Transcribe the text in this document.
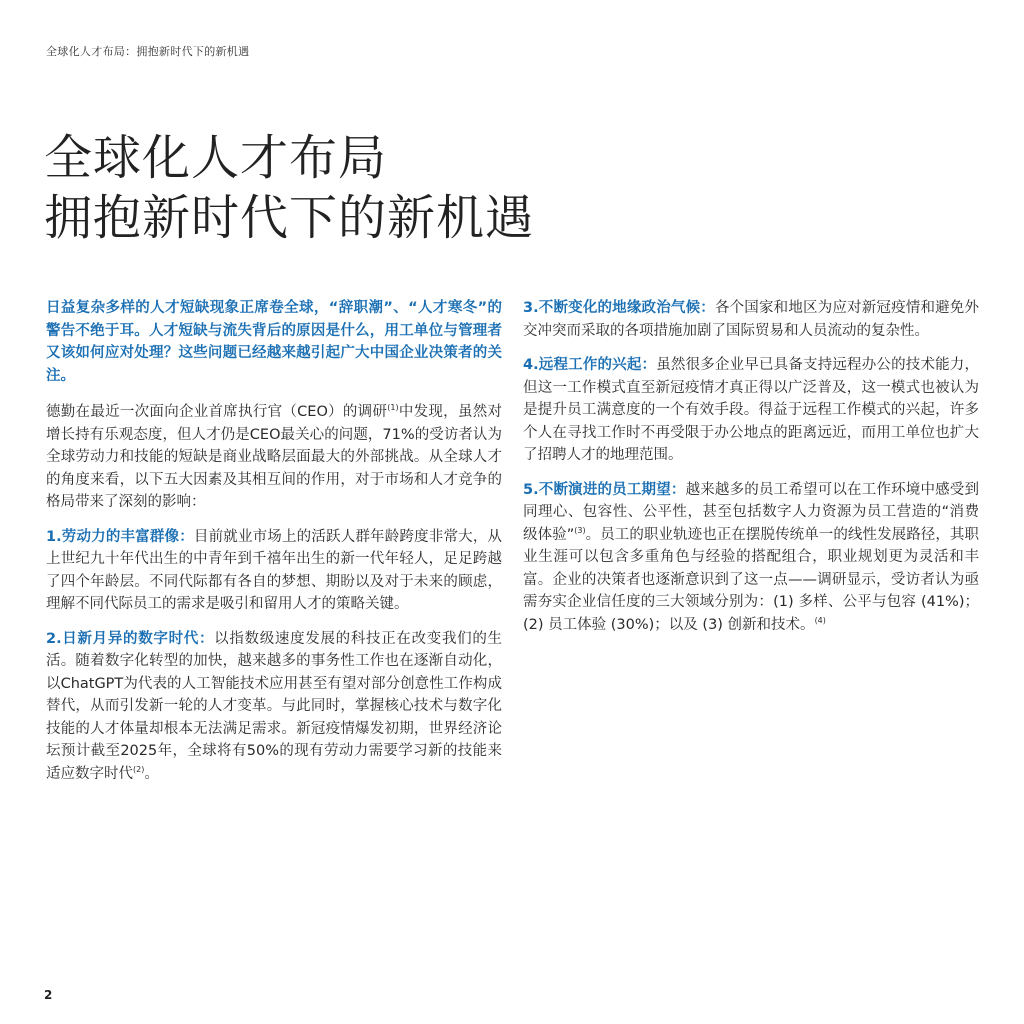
全球化人才布局：拥抱新时代下的新机遇
全球化人才布局
拥抱新时代下的新机遇

日益复杂多样的人才短缺现象正席卷全球，“辞职潮”、“人才寒冬”的警告不绝于耳。人才短缺与流失背后的原因是什么，用工单位与管理者又该如何应对处理？这些问题已经越来越引起广大中国企业决策者的关注。

德勤在最近一次面向企业首席执行官（CEO）的调研$^{(1)}$中发现，虽然对增长持有乐观态度，但人才仍是CEO最关心的问题，71%的受访者认为全球劳动力和技能的短缺是商业战略层面最大的外部挑战。从全球人才的角度来看，以下五大因素及其相互间的作用，对于市场和人才竞争的格局带来了深刻的影响：

1.劳动力的丰富群像：目前就业市场上的活跃人群年龄跨度非常大，从上世纪九十年代出生的中青年到千禧年出生的新一代年轻人，足足跨越了四个年龄层。不同代际都有各自的梦想、期盼以及对于未来的顾虑，理解不同代际员工的需求是吸引和留用人才的策略关键。

2.日新月异的数字时代：以指数级速度发展的科技正在改变我们的生活。随着数字化转型的加快，越来越多的事务性工作也在逐渐自动化，以ChatGPT为代表的人工智能技术应用甚至有望对部分创意性工作构成替代，从而引发新一轮的人才变革。与此同时，掌握核心技术与数字化技能的人才体量却根本无法满足需求。新冠疫情爆发初期，世界经济论坛预计截至2025年，全球将有50%的现有劳动力需要学习新的技能来适应数字时代$^{(2)}$。

3.不断变化的地缘政治气候：各个国家和地区为应对新冠疫情和避免外交冲突而采取的各项措施加剧了国际贸易和人员流动的复杂性。

4.远程工作的兴起：虽然很多企业早已具备支持远程办公的技术能力，但这一工作模式直至新冠疫情才真正得以广泛普及，这一模式也被认为是提升员工满意度的一个有效手段。得益于远程工作模式的兴起，许多个人在寻找工作时不再受限于办公地点的距离远近，而用工单位也扩大了招聘人才的地理范围。

5.不断演进的员工期望：越来越多的员工希望可以在工作环境中感受到同理心、包容性、公平性，甚至包括数字人力资源为员工营造的“消费级体验”$^{(3)}$。员工的职业轨迹也正在摆脱传统单一的线性发展路径，其职业生涯可以包含多重角色与经验的搭配组合，职业规划更为灵活和丰富。企业的决策者也逐渐意识到了这一点——调研显示，受访者认为亟需夯实企业信任度的三大领域分别为：(1) 多样、公平与包容 (41%)；(2) 员工体验 (30%)；以及 (3) 创新和技术。$^{(4)}$

2
